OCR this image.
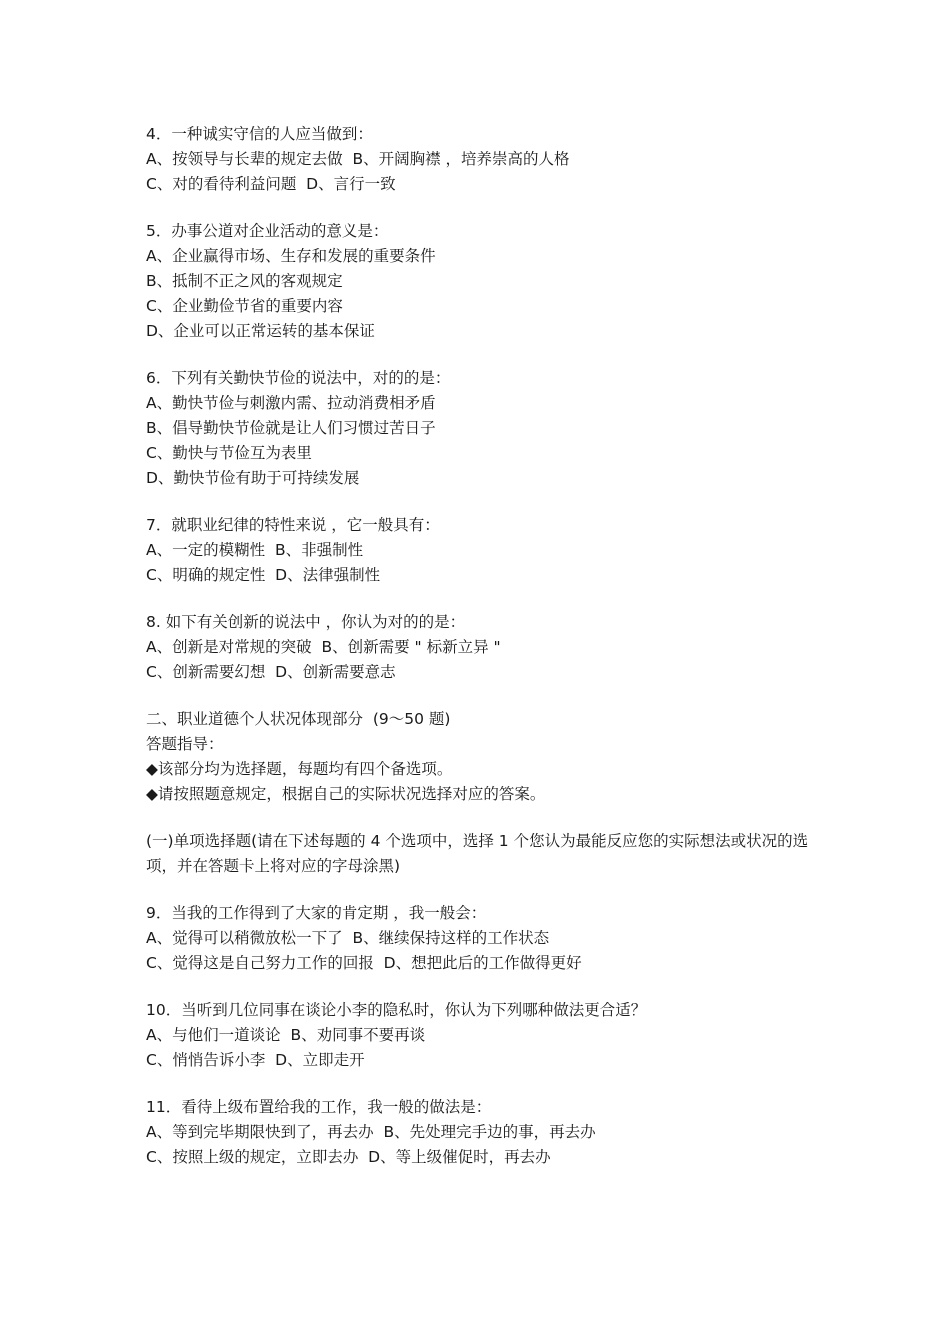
4．一种诚实守信的人应当做到：
A、按领导与长辈的规定去做  B、开阔胸襟 ，培养崇高的人格
C、对的看待利益问题  D、言行一致
5．办事公道对企业活动的意义是：
A、企业赢得市场、生存和发展的重要条件
B、抵制不正之风的客观规定
C、企业勤俭节省的重要内容
D、企业可以正常运转的基本保证
6．下列有关勤快节俭的说法中，对的的是：
A、勤快节俭与刺激内需、拉动消费相矛盾
B、倡导勤快节俭就是让人们习惯过苦日子
C、勤快与节俭互为表里
D、勤快节俭有助于可持续发展
7．就职业纪律的特性来说 ，它一般具有：
A、一定的模糊性  B、非强制性
C、明确的规定性  D、法律强制性
8. 如下有关创新的说法中 ，你认为对的的是：
A、创新是对常规的突破  B、创新需要 " 标新立异 "
C、创新需要幻想  D、创新需要意志
二、职业道德个人状况体现部分  (9～50 题)
答题指导：
◆该部分均为选择题，每题均有四个备选项。
◆请按照题意规定，根据自己的实际状况选择对应的答案。
(一)单项选择题(请在下述每题的 4 个选项中，选择 1 个您认为最能反应您的实际想法或状况的选项，并在答题卡上将对应的字母涂黑)
9．当我的工作得到了大家的肯定期 ，我一般会：
A、觉得可以稍微放松一下了  B、继续保持这样的工作状态
C、觉得这是自己努力工作的回报  D、想把此后的工作做得更好
10．当听到几位同事在谈论小李的隐私时，你认为下列哪种做法更合适？
A、与他们一道谈论  B、劝同事不要再谈
C、悄悄告诉小李  D、立即走开
11．看待上级布置给我的工作，我一般的做法是：
A、等到完毕期限快到了，再去办  B、先处理完手边的事，再去办
C、按照上级的规定，立即去办  D、等上级催促时，再去办
